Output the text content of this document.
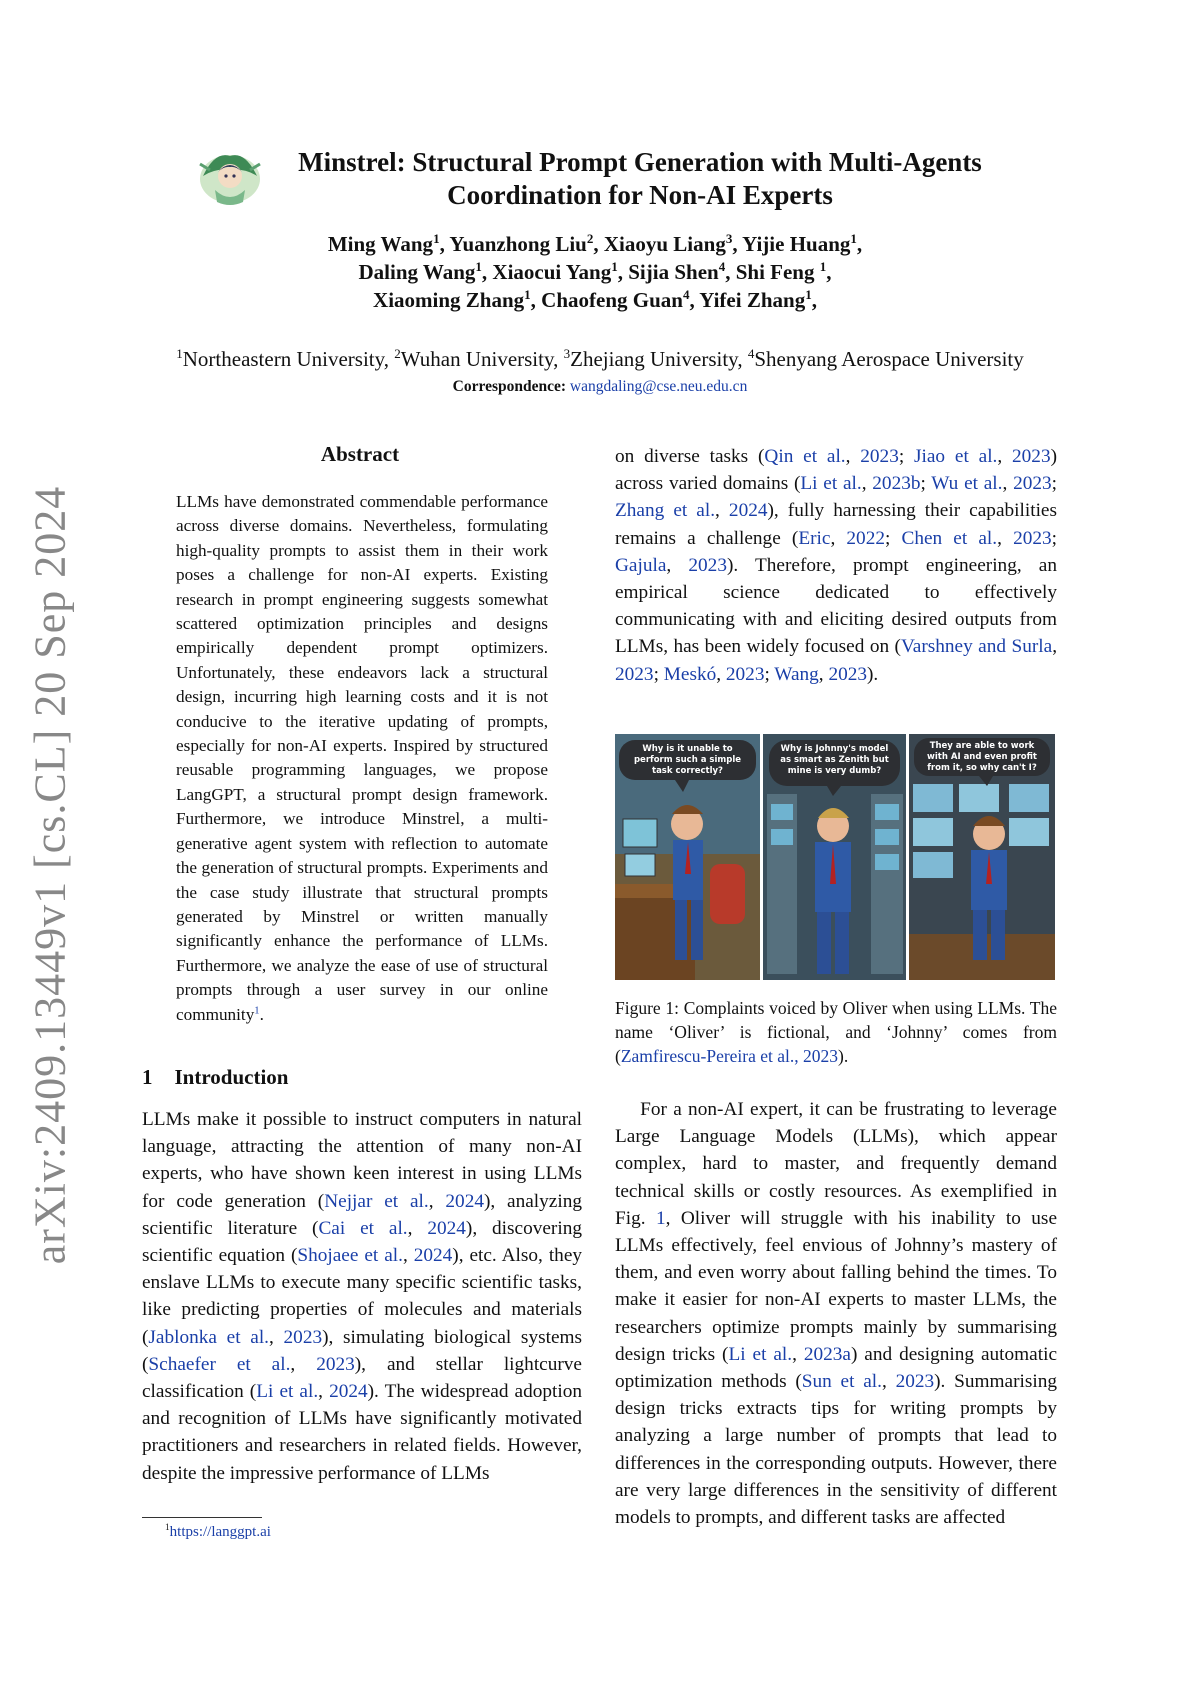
arXiv:2409.13449v1 [cs.CL] 20 Sep 2024
Minstrel: Structural Prompt Generation with Multi-Agents
Coordination for Non-AI Experts
Ming Wang$^1$, Yuanzhong Liu$^2$, Xiaoyu Liang$^3$, Yijie Huang$^1$,
Daling Wang$^1$, Xiaocui Yang$^1$, Sijia Shen$^4$, Shi Feng $^1$,
Xiaoming Zhang$^1$, Chaofeng Guan$^4$, Yifei Zhang$^1$,
$^1$Northeastern University, $^2$Wuhan University, $^3$Zhejiang University, $^4$Shenyang Aerospace University
Correspondence: wangdaling@cse.neu.edu.cn
Abstract
LLMs have demonstrated commendable performance across diverse domains. Nevertheless, formulating high-quality prompts to assist them in their work poses a challenge for non-AI experts. Existing research in prompt engineering suggests somewhat scattered optimization principles and designs empirically dependent prompt optimizers. Unfortunately, these endeavors lack a structural design, incurring high learning costs and it is not conducive to the iterative updating of prompts, especially for non-AI experts. Inspired by structured reusable programming languages, we propose LangGPT, a structural prompt design framework. Furthermore, we introduce Minstrel, a multi-generative agent system with reflection to automate the generation of structural prompts. Experiments and the case study illustrate that structural prompts generated by Minstrel or written manually significantly enhance the performance of LLMs. Furthermore, we analyze the ease of use of structural prompts through a user survey in our online community$^1$.
1 Introduction
LLMs make it possible to instruct computers in natural language, attracting the attention of many non-AI experts, who have shown keen interest in using LLMs for code generation (Nejjar et al., 2024), analyzing scientific literature (Cai et al., 2024), discovering scientific equation (Shojaee et al., 2024), etc. Also, they enslave LLMs to execute many specific scientific tasks, like predicting properties of molecules and materials (Jablonka et al., 2023), simulating biological systems (Schaefer et al., 2023), and stellar lightcurve classification (Li et al., 2024). The widespread adoption and recognition of LLMs have significantly motivated practitioners and researchers in related fields. However, despite the impressive performance of LLMs
$^1$https://langgpt.ai
on diverse tasks (Qin et al., 2023; Jiao et al., 2023) across varied domains (Li et al., 2023b; Wu et al., 2023; Zhang et al., 2024), fully harnessing their capabilities remains a challenge (Eric, 2022; Chen et al., 2023; Gajula, 2023). Therefore, prompt engineering, an empirical science dedicated to effectively communicating with and eliciting desired outputs from LLMs, has been widely focused on (Varshney and Surla, 2023; Meskó, 2023; Wang, 2023).
Why is it unable to perform such a simple task correctly?
Why is Johnny's model as smart as Zenith but mine is very dumb?
They are able to work with AI and even profit from it, so why can't I?
Figure 1: Complaints voiced by Oliver when using LLMs. The name ‘Oliver’ is fictional, and ‘Johnny’ comes from (Zamfirescu-Pereira et al., 2023).
For a non-AI expert, it can be frustrating to leverage Large Language Models (LLMs), which appear complex, hard to master, and frequently demand technical skills or costly resources. As exemplified in Fig. 1, Oliver will struggle with his inability to use LLMs effectively, feel envious of Johnny’s mastery of them, and even worry about falling behind the times. To make it easier for non-AI experts to master LLMs, the researchers optimize prompts mainly by summarising design tricks (Li et al., 2023a) and designing automatic optimization methods (Sun et al., 2023). Summarising design tricks extracts tips for writing prompts by analyzing a large number of prompts that lead to differences in the corresponding outputs. However, there are very large differences in the sensitivity of different models to prompts, and different tasks are affected
